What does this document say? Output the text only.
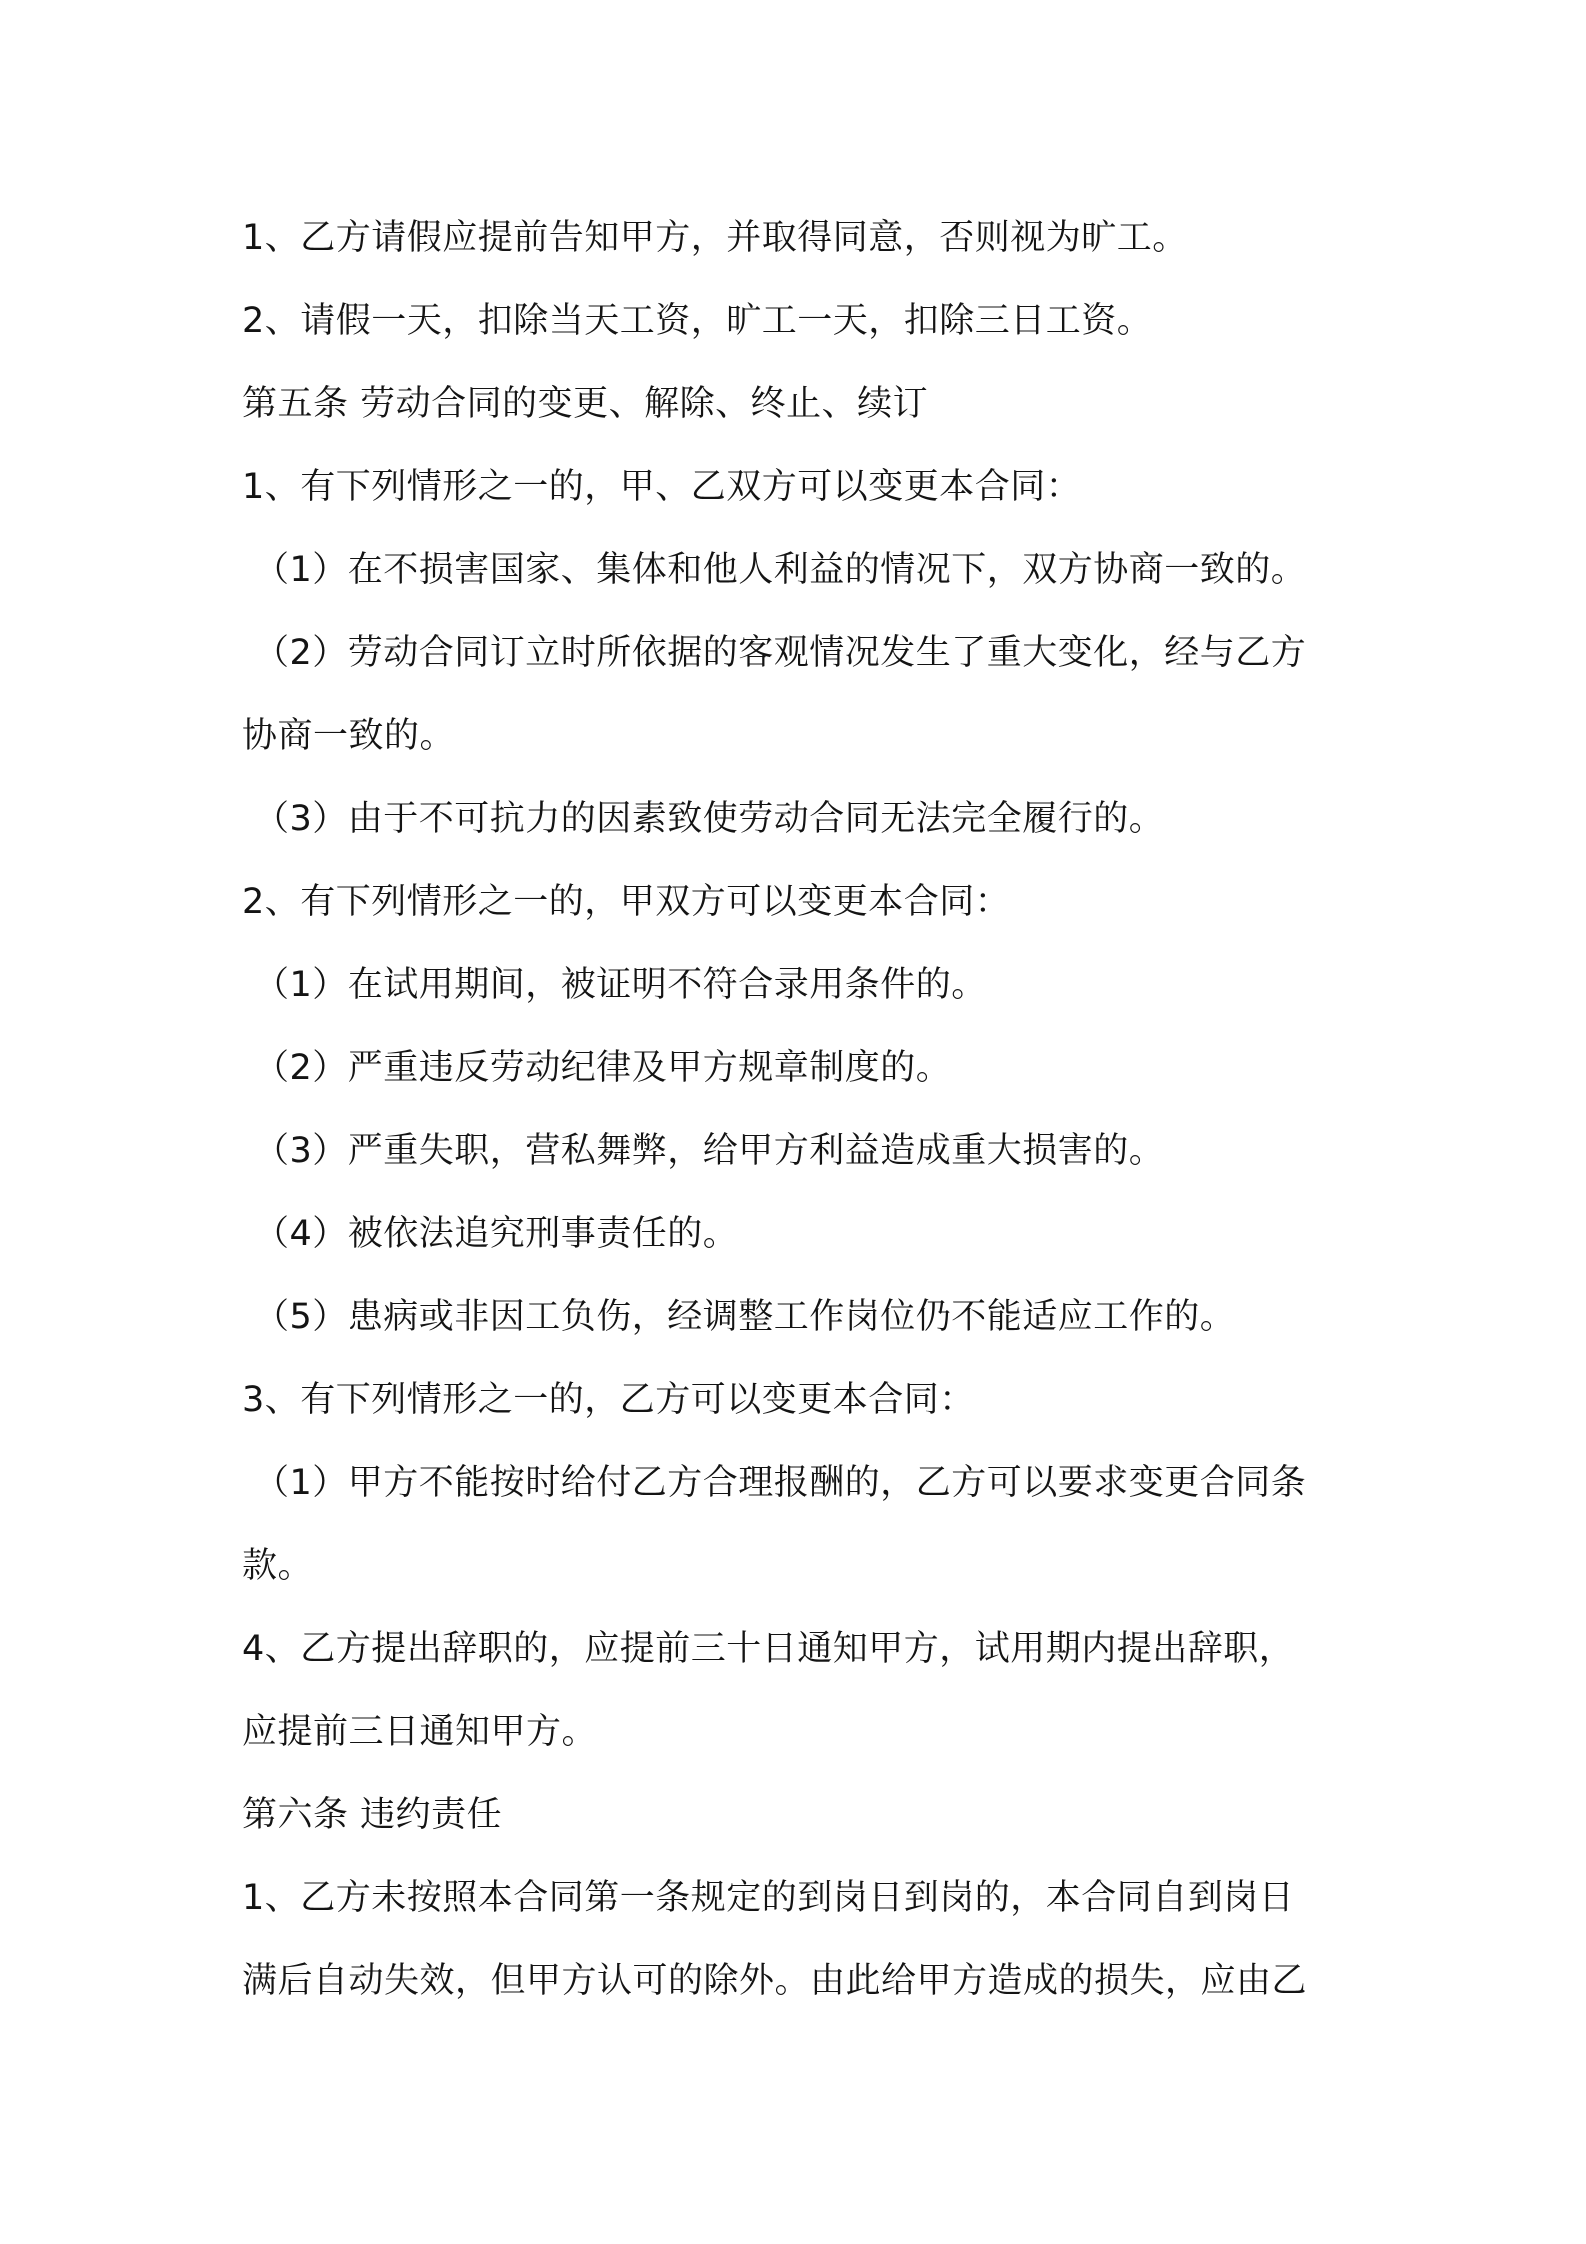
1、乙方请假应提前告知甲方，并取得同意，否则视为旷工。
2、请假一天，扣除当天工资，旷工一天，扣除三日工资。
第五条 劳动合同的变更、解除、终止、续订
1、有下列情形之一的，甲、乙双方可以变更本合同：
（1）在不损害国家、集体和他人利益的情况下，双方协商一致的。
（2）劳动合同订立时所依据的客观情况发生了重大变化，经与乙方
协商一致的。
（3）由于不可抗力的因素致使劳动合同无法完全履行的。
2、有下列情形之一的，甲双方可以变更本合同：
（1）在试用期间，被证明不符合录用条件的。
（2）严重违反劳动纪律及甲方规章制度的。
（3）严重失职，营私舞弊，给甲方利益造成重大损害的。
（4）被依法追究刑事责任的。
（5）患病或非因工负伤，经调整工作岗位仍不能适应工作的。
3、有下列情形之一的，乙方可以变更本合同：
（1）甲方不能按时给付乙方合理报酬的，乙方可以要求变更合同条
款。
4、乙方提出辞职的，应提前三十日通知甲方，试用期内提出辞职，
应提前三日通知甲方。
第六条 违约责任
1、乙方未按照本合同第一条规定的到岗日到岗的，本合同自到岗日
满后自动失效，但甲方认可的除外。由此给甲方造成的损失，应由乙
